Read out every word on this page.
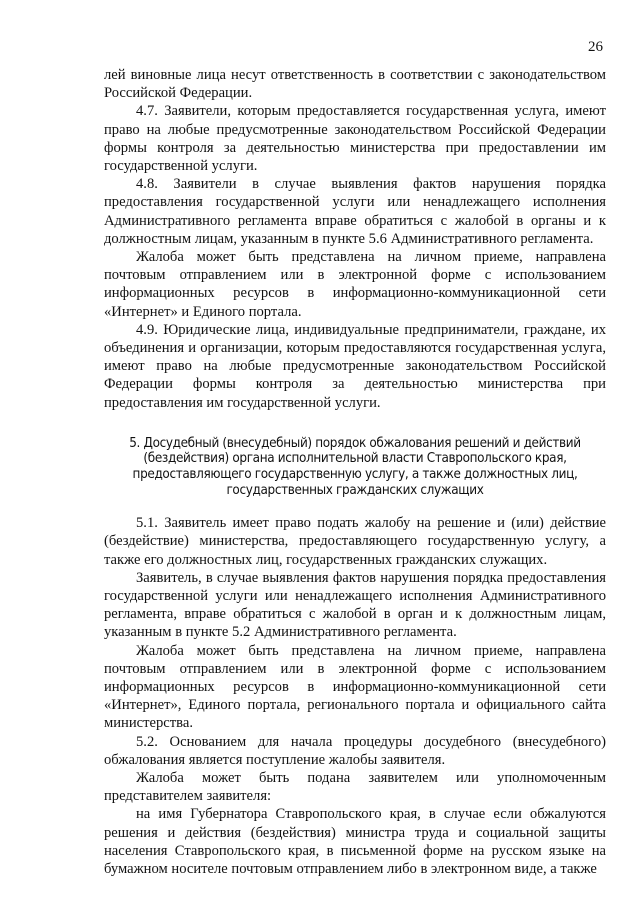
26

лей виновные лица несут ответственность в соответствии с законодательством Российской Федерации.

4.7. Заявители, которым предоставляется государственная услуга, имеют право на любые предусмотренные законодательством Российской Федерации формы контроля за деятельностью министерства при предоставлении им государственной услуги.

4.8. Заявители в случае выявления фактов нарушения порядка предоставления государственной услуги или ненадлежащего исполнения Административного регламента вправе обратиться с жалобой в органы и к должностным лицам, указанным в пункте 5.6 Административного регламента.

Жалоба может быть представлена на личном приеме, направлена почтовым отправлением или в электронной форме с использованием информационных ресурсов в информационно-коммуникационной сети «Интернет» и Единого портала.

4.9. Юридические лица, индивидуальные предприниматели, граждане, их объединения и организации, которым предоставляются государственная услуга, имеют право на любые предусмотренные законодательством Российской Федерации формы контроля за деятельностью министерства при предоставления им государственной услуги.

5. Досудебный (внесудебный) порядок обжалования решений и действий (бездействия) органа исполнительной власти Ставропольского края, предоставляющего государственную услугу, а также должностных лиц, государственных гражданских служащих

5.1. Заявитель имеет право подать жалобу на решение и (или) действие (бездействие) министерства, предоставляющего государственную услугу, а также его должностных лиц, государственных гражданских служащих.

Заявитель, в случае выявления фактов нарушения порядка предоставления государственной услуги или ненадлежащего исполнения Административного регламента, вправе обратиться с жалобой в орган и к должностным лицам, указанным в пункте 5.2 Административного регламента.

Жалоба может быть представлена на личном приеме, направлена почтовым отправлением или в электронной форме с использованием информационных ресурсов в информационно-коммуникационной сети «Интернет», Единого портала, регионального портала и официального сайта министерства.

5.2. Основанием для начала процедуры досудебного (внесудебного) обжалования является поступление жалобы заявителя.

Жалоба может быть подана заявителем или уполномоченным представителем заявителя:

на имя Губернатора Ставропольского края, в случае если обжалуются решения и действия (бездействия) министра труда и социальной защиты населения Ставропольского края, в письменной форме на русском языке на бумажном носителе почтовым отправлением либо в электронном виде, а также
